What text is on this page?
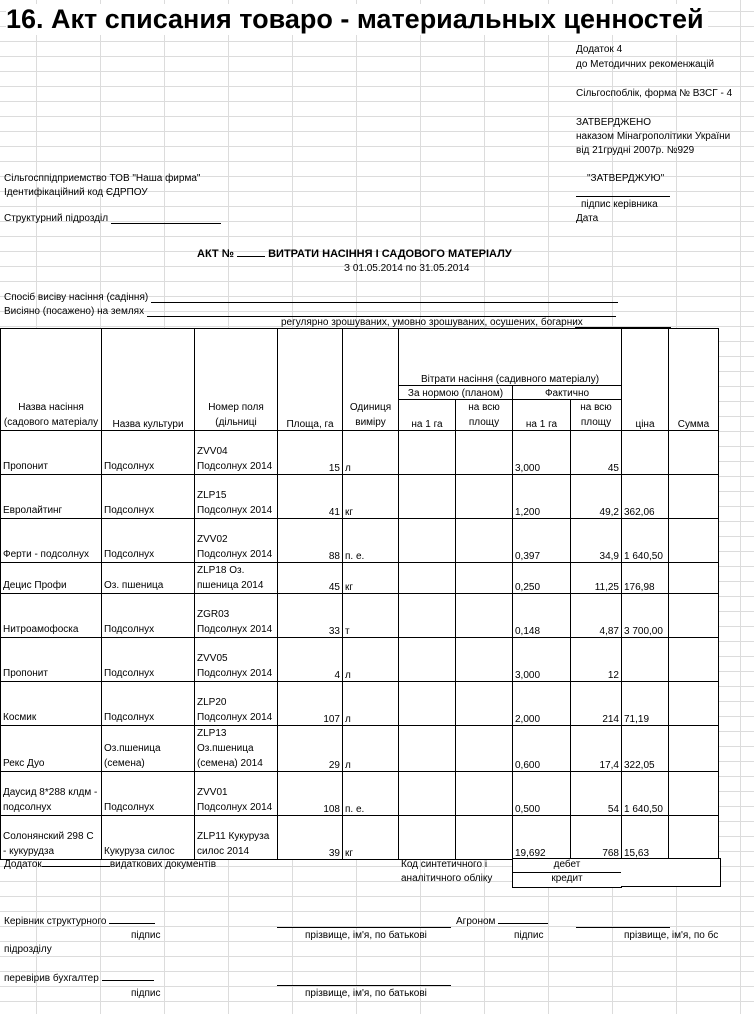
16. Акт списания товаро - материальных ценностей
Додаток 4
до Методичних рекоменжацій
Сільгоспоблік, форма № ВЗСГ - 4
ЗАТВЕРДЖЕНО
наказом Мінагрополітики України
від 21грудні 2007р. №929
Сільгосппідприемство ТОВ "Наша фирма"
Ідентифікаційний код ЄДРПОУ
Структурний підрозділ
"ЗАТВЕРДЖУЮ"
підпис керівника
Дата
АКТ №	ВИТРАТИ НАСІННЯ І САДОВОГО МАТЕРІАЛУ
З 01.05.2014 по 31.05.2014
Спосіб висіву насіння (садіння)
Висіяно (посажено) на землях
регулярно зрошуваних, умовно зрошуваних, осушених, богарних
Назва насіння (садового матеріалу	Назва культури	Номер поля (дільниці	Площа, га	Одиниця виміру	Вітрати насіння (садивного матеріалу)				ціна	Сумма
					За нормою (планом)		Фактично			
					на 1 га	на всю площу	на 1 га	на всю площу		
Пропонит	Подсолнух	ZVV04 Подсолнух 2014	15	л			3,000	45		
Евролайтинг	Подсолнух	ZLP15 Подсолнух 2014	41	кг			1,200	49,2	362,06	
Ферти - подсолнух	Подсолнух	ZVV02 Подсолнух 2014	88	п. е.			0,397	34,9	1 640,50	
Децис Профи	Оз. пшеница	ZLP18 Оз. пшеница 2014	45	кг			0,250	11,25	176,98	
Нитроамофоска	Подсолнух	ZGR03 Подсолнух 2014	33	т			0,148	4,87	3 700,00	
Пропонит	Подсолнух	ZVV05 Подсолнух 2014	4	л			3,000	12		
Космик	Подсолнух	ZLP20 Подсолнух 2014	107	л			2,000	214	71,19	
Рекс Дуо	Оз.пшеница (семена)	ZLP13 Оз.пшеница (семена) 2014	29	л			0,600	17,4	322,05	
Даусид 8*288 клдм - подсолнух	Подсолнух	ZVV01 Подсолнух 2014	108	п. е.			0,500	54	1 640,50	
Солонянский 298 С - кукурудза	Кукурузa силос	ZLP11 Кукуруза силос 2014	39	кг			19,692	768	15,63	
Додаток	видаткових документів	Код синтетичного і
аналітичного обліку
дебет
кредит
Керівник структурного
підрозділу
підпис	прізвище, ім'я, по батькові
Агроном
підпис	прізвище, ім'я, по бс
перевірив бухгалтер
підпис	прізвище, ім'я, по батькові
